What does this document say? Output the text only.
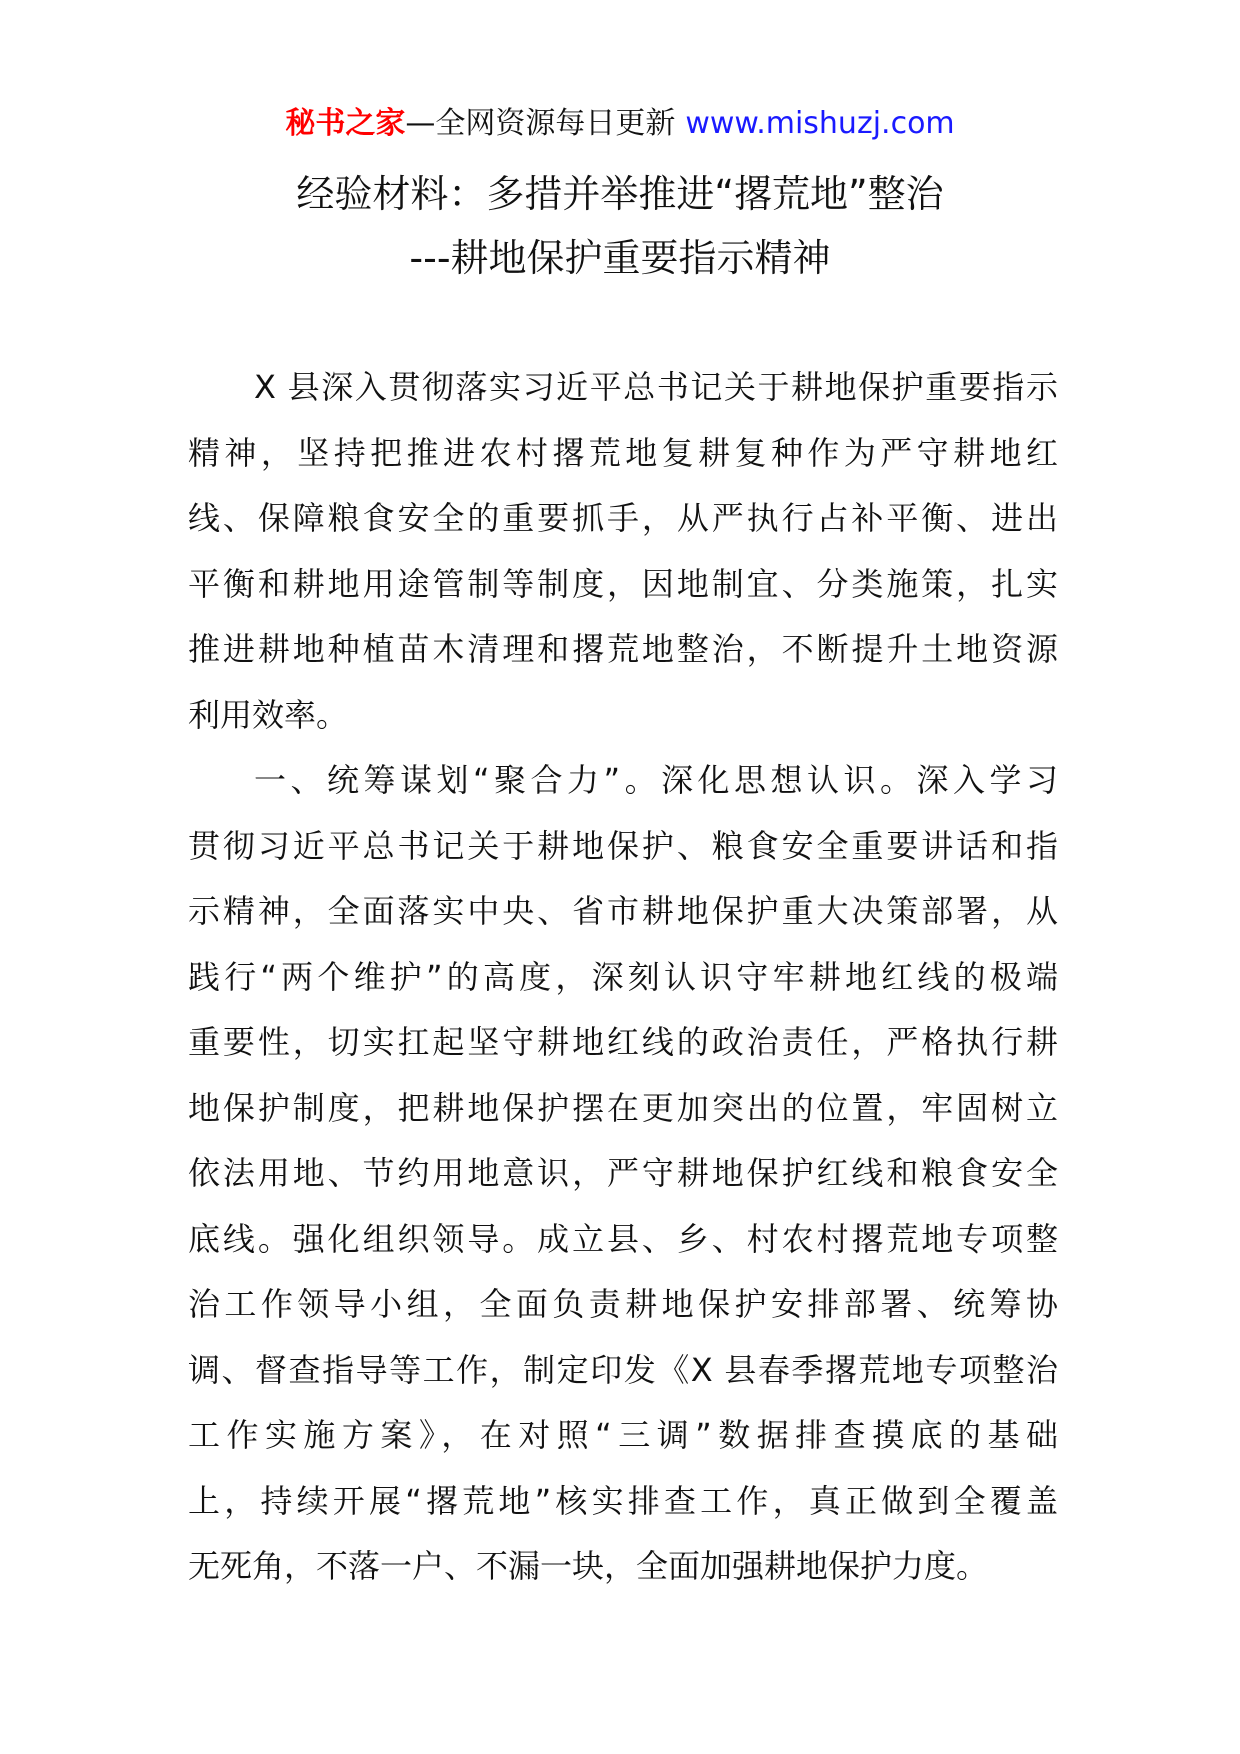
秘书之家—全网资源每日更新 www.mishuzj.com
经验材料：多措并举推进“撂荒地”整治
---耕地保护重要指示精神
X 县深入贯彻落实习近平总书记关于耕地保护重要指示
精神，坚持把推进农村撂荒地复耕复种作为严守耕地红
线、保障粮食安全的重要抓手，从严执行占补平衡、进出
平衡和耕地用途管制等制度，因地制宜、分类施策，扎实
推进耕地种植苗木清理和撂荒地整治，不断提升土地资源
利用效率。
一、统筹谋划“聚合力”。深化思想认识。深入学习
贯彻习近平总书记关于耕地保护、粮食安全重要讲话和指
示精神，全面落实中央、省市耕地保护重大决策部署，从
践行“两个维护”的高度，深刻认识守牢耕地红线的极端
重要性，切实扛起坚守耕地红线的政治责任，严格执行耕
地保护制度，把耕地保护摆在更加突出的位置，牢固树立
依法用地、节约用地意识，严守耕地保护红线和粮食安全
底线。强化组织领导。成立县、乡、村农村撂荒地专项整
治工作领导小组，全面负责耕地保护安排部署、统筹协
调、督查指导等工作，制定印发《X 县春季撂荒地专项整治
工作实施方案》，在对照“三调”数据排查摸底的基础
上，持续开展“撂荒地”核实排查工作，真正做到全覆盖
无死角，不落一户、不漏一块，全面加强耕地保护力度。
